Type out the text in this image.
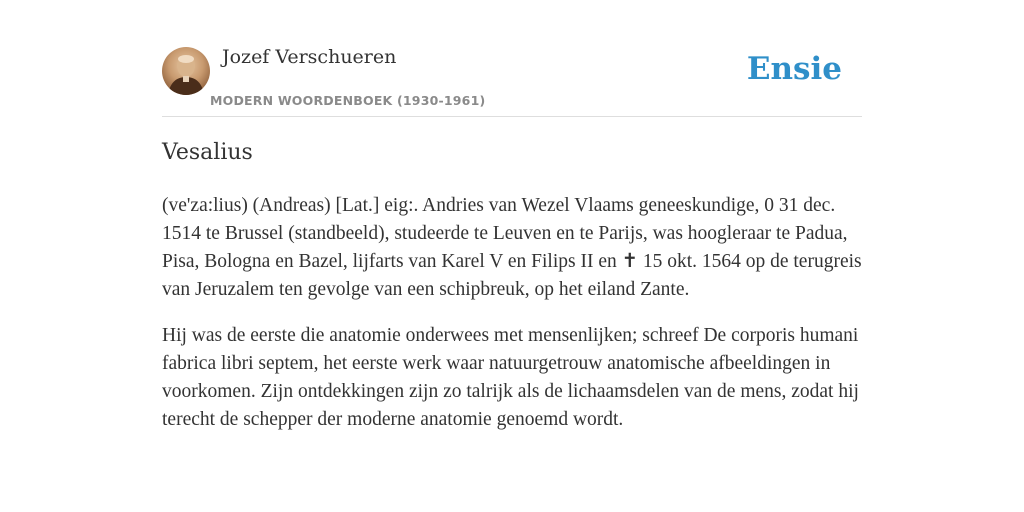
Jozef Verschueren
MODERN WOORDENBOEK (1930-1961)
Ensie
Vesalius

(ve'za:lius) (Andreas) [Lat.] eig:. Andries van Wezel Vlaams geneeskundige, 0 31 dec. 1514 te Brussel (standbeeld), studeerde te Leuven en te Parijs, was hoogleraar te Padua, Pisa, Bologna en Bazel, lijfarts van Karel V en Filips II en ✝ 15 okt. 1564 op de terugreis van Jeruzalem ten gevolge van een schipbreuk, op het eiland Zante.

Hij was de eerste die anatomie onderwees met mensenlijken; schreef De corporis humani fabrica libri septem, het eerste werk waar natuurgetrouw anatomische afbeeldingen in voorkomen. Zijn ontdekkingen zijn zo talrijk als de lichaamsdelen van de mens, zodat hij terecht de schepper der moderne anatomie genoemd wordt.
